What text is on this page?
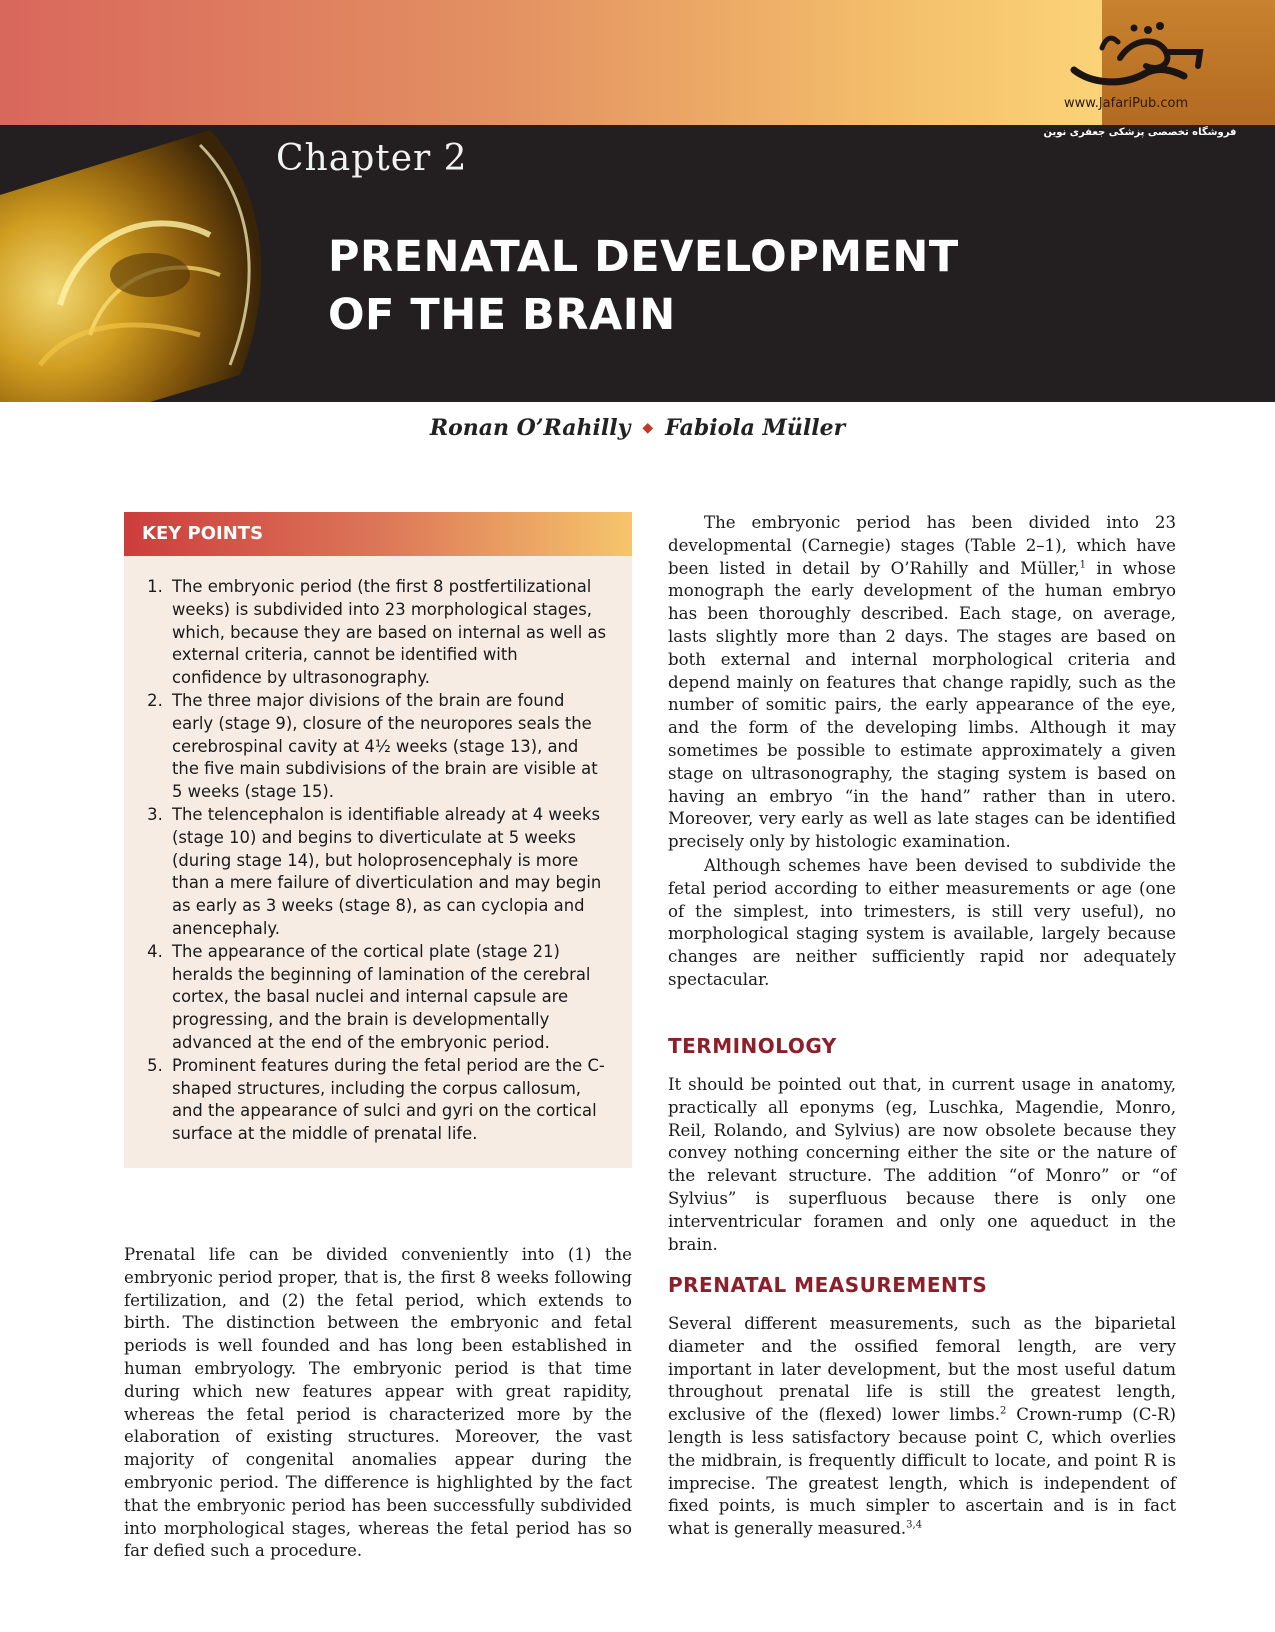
www.JafariPub.com
فروشگاه تخصصی پزشکی جعفری نوین
Chapter 2
PRENATAL DEVELOPMENT
OF THE BRAIN
Ronan O’Rahilly ◆ Fabiola Müller
KEY POINTS
1. The embryonic period (the first 8 postfertilizational weeks) is subdivided into 23 morphological stages, which, because they are based on internal as well as external criteria, cannot be identified with confidence by ultrasonography.
2. The three major divisions of the brain are found early (stage 9), closure of the neuropores seals the cerebrospinal cavity at 4½ weeks (stage 13), and the five main subdivisions of the brain are visible at 5 weeks (stage 15).
3. The telencephalon is identifiable already at 4 weeks (stage 10) and begins to diverticulate at 5 weeks (during stage 14), but holoprosencephaly is more than a mere failure of diverticulation and may begin as early as 3 weeks (stage 8), as can cyclopia and anencephaly.
4. The appearance of the cortical plate (stage 21) heralds the beginning of lamination of the cerebral cortex, the basal nuclei and internal capsule are progressing, and the brain is developmentally advanced at the end of the embryonic period.
5. Prominent features during the fetal period are the C-shaped structures, including the corpus callosum, and the appearance of sulci and gyri on the cortical surface at the middle of prenatal life.

Prenatal life can be divided conveniently into (1) the embryonic period proper, that is, the first 8 weeks following fertilization, and (2) the fetal period, which extends to birth. The distinction between the embryonic and fetal periods is well founded and has long been established in human embryology. The embryonic period is that time during which new features appear with great rapidity, whereas the fetal period is characterized more by the elaboration of existing structures. Moreover, the vast majority of congenital anomalies appear during the embryonic period. The difference is highlighted by the fact that the embryonic period has been successfully subdivided into morphological stages, whereas the fetal period has so far defied such a procedure.

The embryonic period has been divided into 23 developmental (Carnegie) stages (Table 2–1), which have been listed in detail by O’Rahilly and Müller,$^1$ in whose monograph the early development of the human embryo has been thoroughly described. Each stage, on average, lasts slightly more than 2 days. The stages are based on both external and internal morphological criteria and depend mainly on features that change rapidly, such as the number of somitic pairs, the early appearance of the eye, and the form of the developing limbs. Although it may sometimes be possible to estimate approximately a given stage on ultrasonography, the staging system is based on having an embryo “in the hand” rather than in utero. Moreover, very early as well as late stages can be identified precisely only by histologic examination.

Although schemes have been devised to subdivide the fetal period according to either measurements or age (one of the simplest, into trimesters, is still very useful), no morphological staging system is available, largely because changes are neither sufficiently rapid nor adequately spectacular.

TERMINOLOGY

It should be pointed out that, in current usage in anatomy, practically all eponyms (eg, Luschka, Magendie, Monro, Reil, Rolando, and Sylvius) are now obsolete because they convey nothing concerning either the site or the nature of the relevant structure. The addition “of Monro” or “of Sylvius” is superfluous because there is only one interventricular foramen and only one aqueduct in the brain.

PRENATAL MEASUREMENTS

Several different measurements, such as the biparietal diameter and the ossified femoral length, are very important in later development, but the most useful datum throughout prenatal life is still the greatest length, exclusive of the (flexed) lower limbs.$^2$ Crown-rump (C-R) length is less satisfactory because point C, which overlies the midbrain, is frequently difficult to locate, and point R is imprecise. The greatest length, which is independent of fixed points, is much simpler to ascertain and is in fact what is generally measured.$^{3,4}$
